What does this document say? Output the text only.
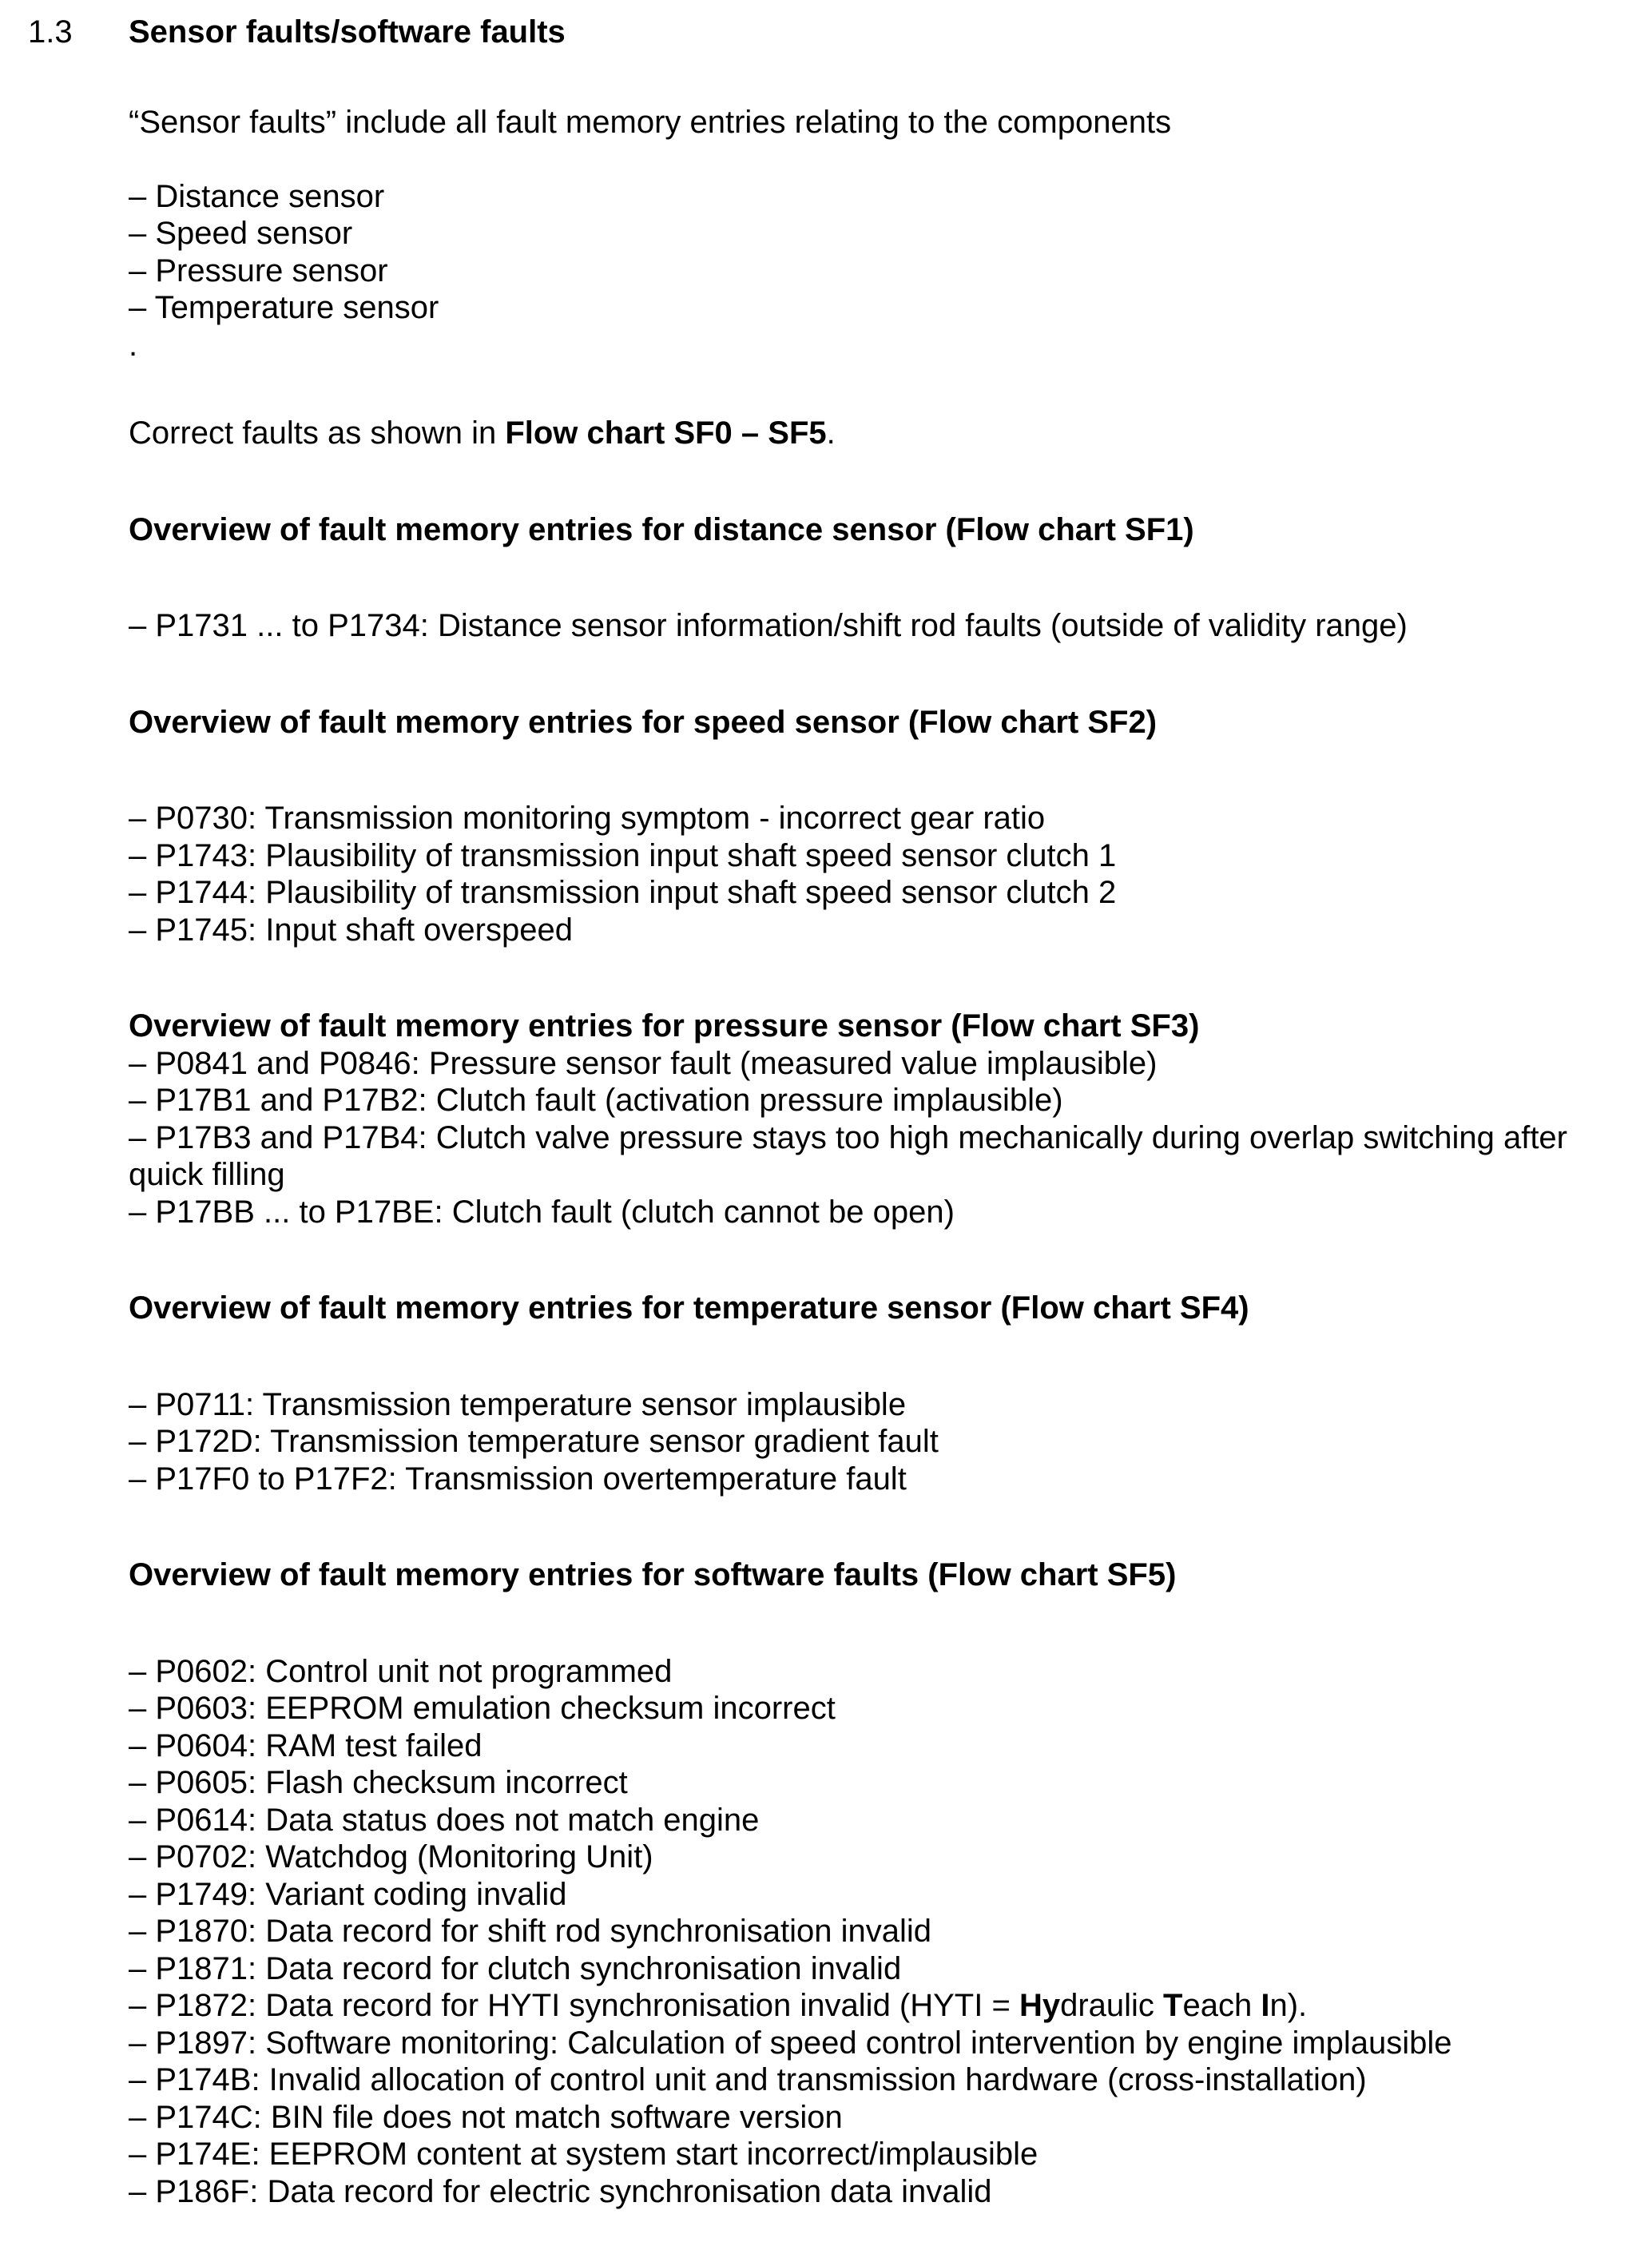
1.3 Sensor faults/software faults

“Sensor faults” include all fault memory entries relating to the components

– Distance sensor
– Speed sensor
– Pressure sensor
– Temperature sensor

.

Correct faults as shown in Flow chart SF0 – SF5.

Overview of fault memory entries for distance sensor (Flow chart SF1)

– P1731 ... to P1734: Distance sensor information/shift rod faults (outside of validity range)

Overview of fault memory entries for speed sensor (Flow chart SF2)

– P0730: Transmission monitoring symptom - incorrect gear ratio
– P1743: Plausibility of transmission input shaft speed sensor clutch 1
– P1744: Plausibility of transmission input shaft speed sensor clutch 2
– P1745: Input shaft overspeed

Overview of fault memory entries for pressure sensor (Flow chart SF3)

– P0841 and P0846: Pressure sensor fault (measured value implausible)
– P17B1 and P17B2: Clutch fault (activation pressure implausible)
– P17B3 and P17B4: Clutch valve pressure stays too high mechanically during overlap switching after quick filling
– P17BB ... to P17BE: Clutch fault (clutch cannot be open)

Overview of fault memory entries for temperature sensor (Flow chart SF4)

– P0711: Transmission temperature sensor implausible
– P172D: Transmission temperature sensor gradient fault
– P17F0 to P17F2: Transmission overtemperature fault

Overview of fault memory entries for software faults (Flow chart SF5)

– P0602: Control unit not programmed
– P0603: EEPROM emulation checksum incorrect
– P0604: RAM test failed
– P0605: Flash checksum incorrect
– P0614: Data status does not match engine
– P0702: Watchdog (Monitoring Unit)
– P1749: Variant coding invalid
– P1870: Data record for shift rod synchronisation invalid
– P1871: Data record for clutch synchronisation invalid
– P1872: Data record for HYTI synchronisation invalid (HYTI = Hydraulic Teach In).
– P1897: Software monitoring: Calculation of speed control intervention by engine implausible
– P174B: Invalid allocation of control unit and transmission hardware (cross-installation)
– P174C: BIN file does not match software version
– P174E: EEPROM content at system start incorrect/implausible
– P186F: Data record for electric synchronisation data invalid
